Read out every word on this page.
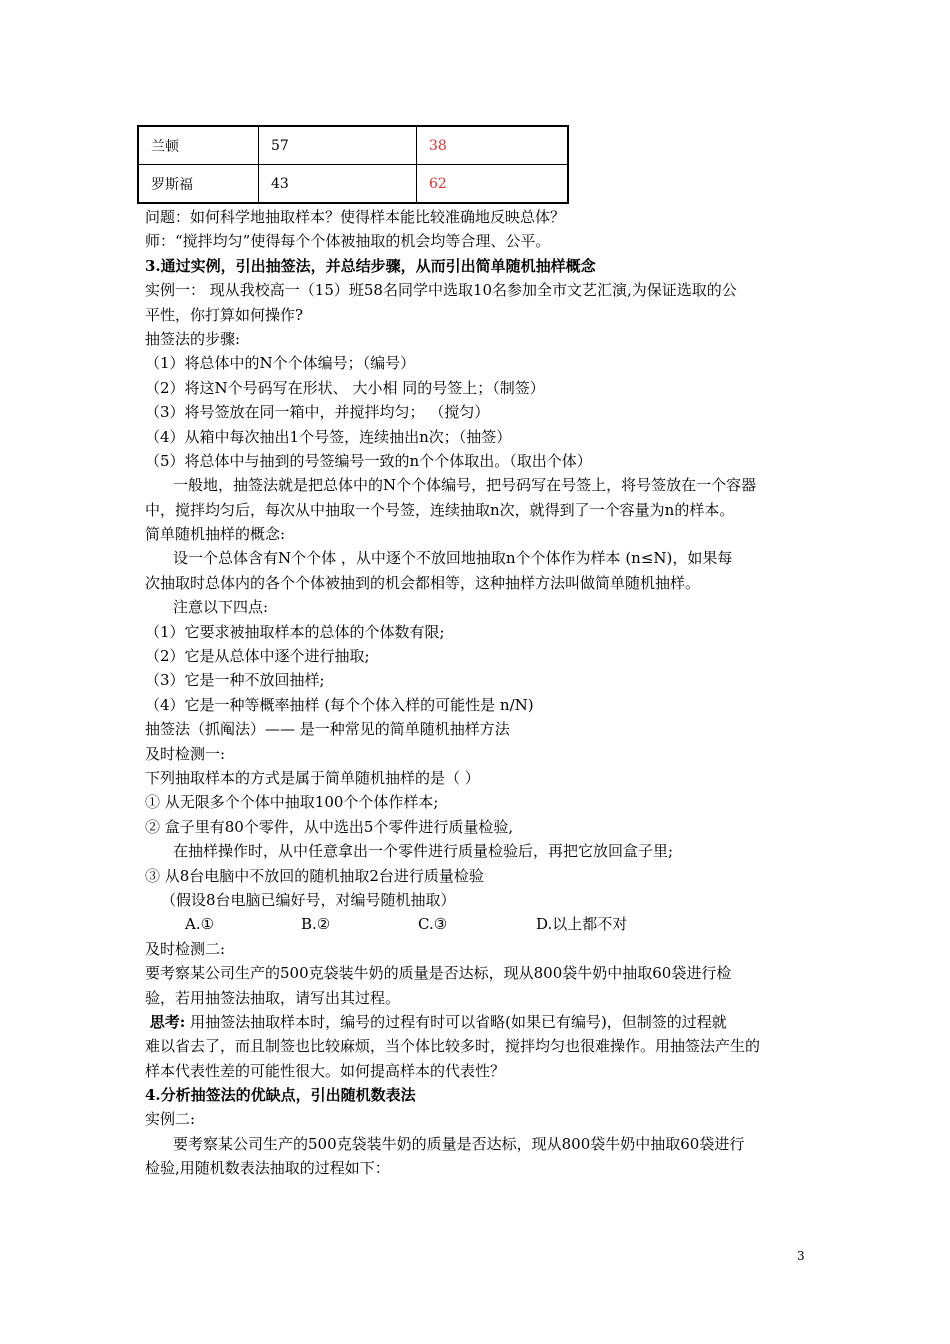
兰顿	57	38
罗斯福	43	62
问题：如何科学地抽取样本？使得样本能比较准确地反映总体？
师：“搅拌均匀”使得每个个体被抽取的机会均等合理、公平。
3.通过实例，引出抽签法，并总结步骤，从而引出简单随机抽样概念
实例一： 现从我校高一（15）班58名同学中选取10名参加全市文艺汇演,为保证选取的公
平性，你打算如何操作?
抽签法的步骤:
（1）将总体中的N个个体编号；（编号）
（2）将这N个号码写在形状、 大小相 同的号签上；（制签）
（3）将号签放在同一箱中，并搅拌均匀； （搅匀）
（4）从箱中每次抽出1个号签，连续抽出n次；（抽签）
（5）将总体中与抽到的号签编号一致的n个个体取出。（取出个体）
一般地，抽签法就是把总体中的N个个体编号，把号码写在号签上，将号签放在一个容器
中，搅拌均匀后，每次从中抽取一个号签，连续抽取n次，就得到了一个容量为n的样本。
简单随机抽样的概念:
设一个总体含有N个个体 ，从中逐个不放回地抽取n个个体作为样本 (n≤N)，如果每
次抽取时总体内的各个个体被抽到的机会都相等，这种抽样方法叫做简单随机抽样。
注意以下四点:
（1）它要求被抽取样本的总体的个体数有限;
（2）它是从总体中逐个进行抽取;
（3）它是一种不放回抽样;
（4）它是一种等概率抽样 (每个个体入样的可能性是 n/N)
抽签法（抓阄法）—— 是一种常见的简单随机抽样方法
及时检测一:
下列抽取样本的方式是属于简单随机抽样的是（ ）
① 从无限多个个体中抽取100个个体作样本;
② 盒子里有80个零件，从中选出5个零件进行质量检验,
在抽样操作时，从中任意拿出一个零件进行质量检验后，再把它放回盒子里;
③ 从8台电脑中不放回的随机抽取2台进行质量检验
（假设8台电脑已编好号，对编号随机抽取）
A.①	B.②	C.③	D.以上都不对
及时检测二:
要考察某公司生产的500克袋装牛奶的质量是否达标，现从800袋牛奶中抽取60袋进行检
验，若用抽签法抽取，请写出其过程。
思考: 用抽签法抽取样本时，编号的过程有时可以省略(如果已有编号)，但制签的过程就
难以省去了，而且制签也比较麻烦，当个体比较多时，搅拌均匀也很难操作。用抽签法产生的
样本代表性差的可能性很大。如何提高样本的代表性？
4.分析抽签法的优缺点，引出随机数表法
实例二:
要考察某公司生产的500克袋装牛奶的质量是否达标，现从800袋牛奶中抽取60袋进行
检验,用随机数表法抽取的过程如下：
3
